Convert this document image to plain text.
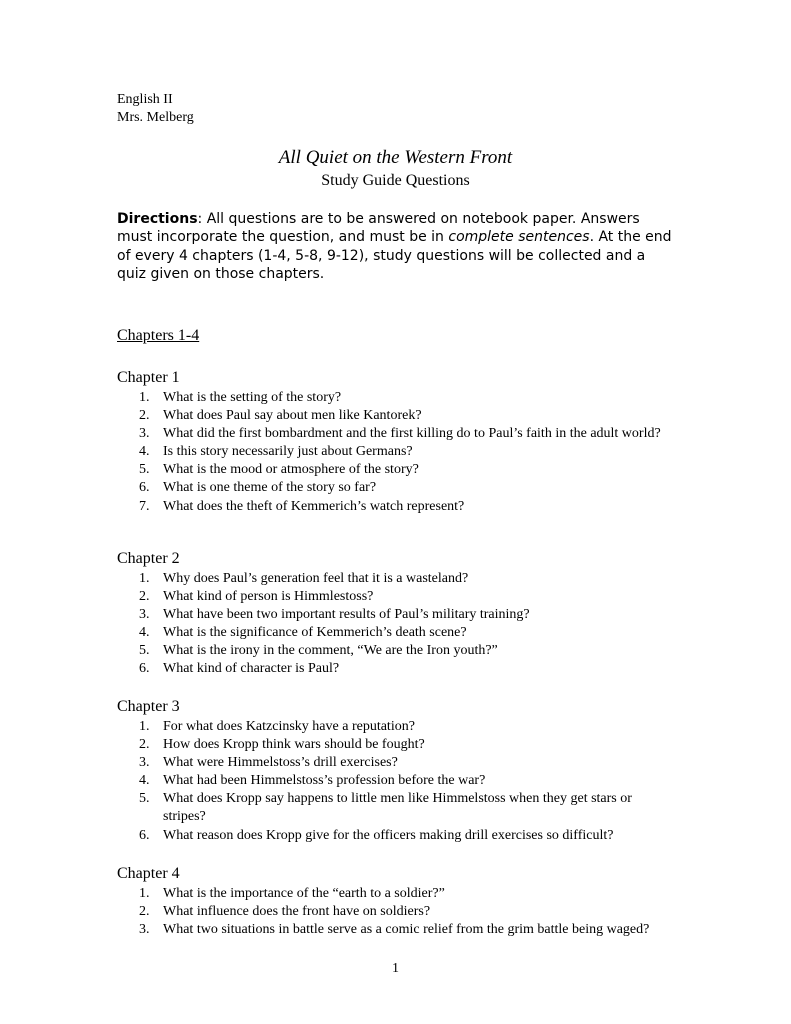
English II
Mrs. Melberg
All Quiet on the Western Front
Study Guide Questions
Directions: All questions are to be answered on notebook paper. Answers must incorporate the question, and must be in complete sentences. At the end of every 4 chapters (1-4, 5-8, 9-12), study questions will be collected and a quiz given on those chapters.
Chapters 1-4
Chapter 1
1. What is the setting of the story?
2. What does Paul say about men like Kantorek?
3. What did the first bombardment and the first killing do to Paul’s faith in the adult world?
4. Is this story necessarily just about Germans?
5. What is the mood or atmosphere of the story?
6. What is one theme of the story so far?
7. What does the theft of Kemmerich’s watch represent?
Chapter 2
1. Why does Paul’s generation feel that it is a wasteland?
2. What kind of person is Himmlestoss?
3. What have been two important results of Paul’s military training?
4. What is the significance of Kemmerich’s death scene?
5. What is the irony in the comment, “We are the Iron youth?”
6. What kind of character is Paul?
Chapter 3
1. For what does Katzcinsky have a reputation?
2. How does Kropp think wars should be fought?
3. What were Himmelstoss’s drill exercises?
4. What had been Himmelstoss’s profession before the war?
5. What does Kropp say happens to little men like Himmelstoss when they get stars or stripes?
6. What reason does Kropp give for the officers making drill exercises so difficult?
Chapter 4
1. What is the importance of the “earth to a soldier?”
2. What influence does the front have on soldiers?
3. What two situations in battle serve as a comic relief from the grim battle being waged?
1
